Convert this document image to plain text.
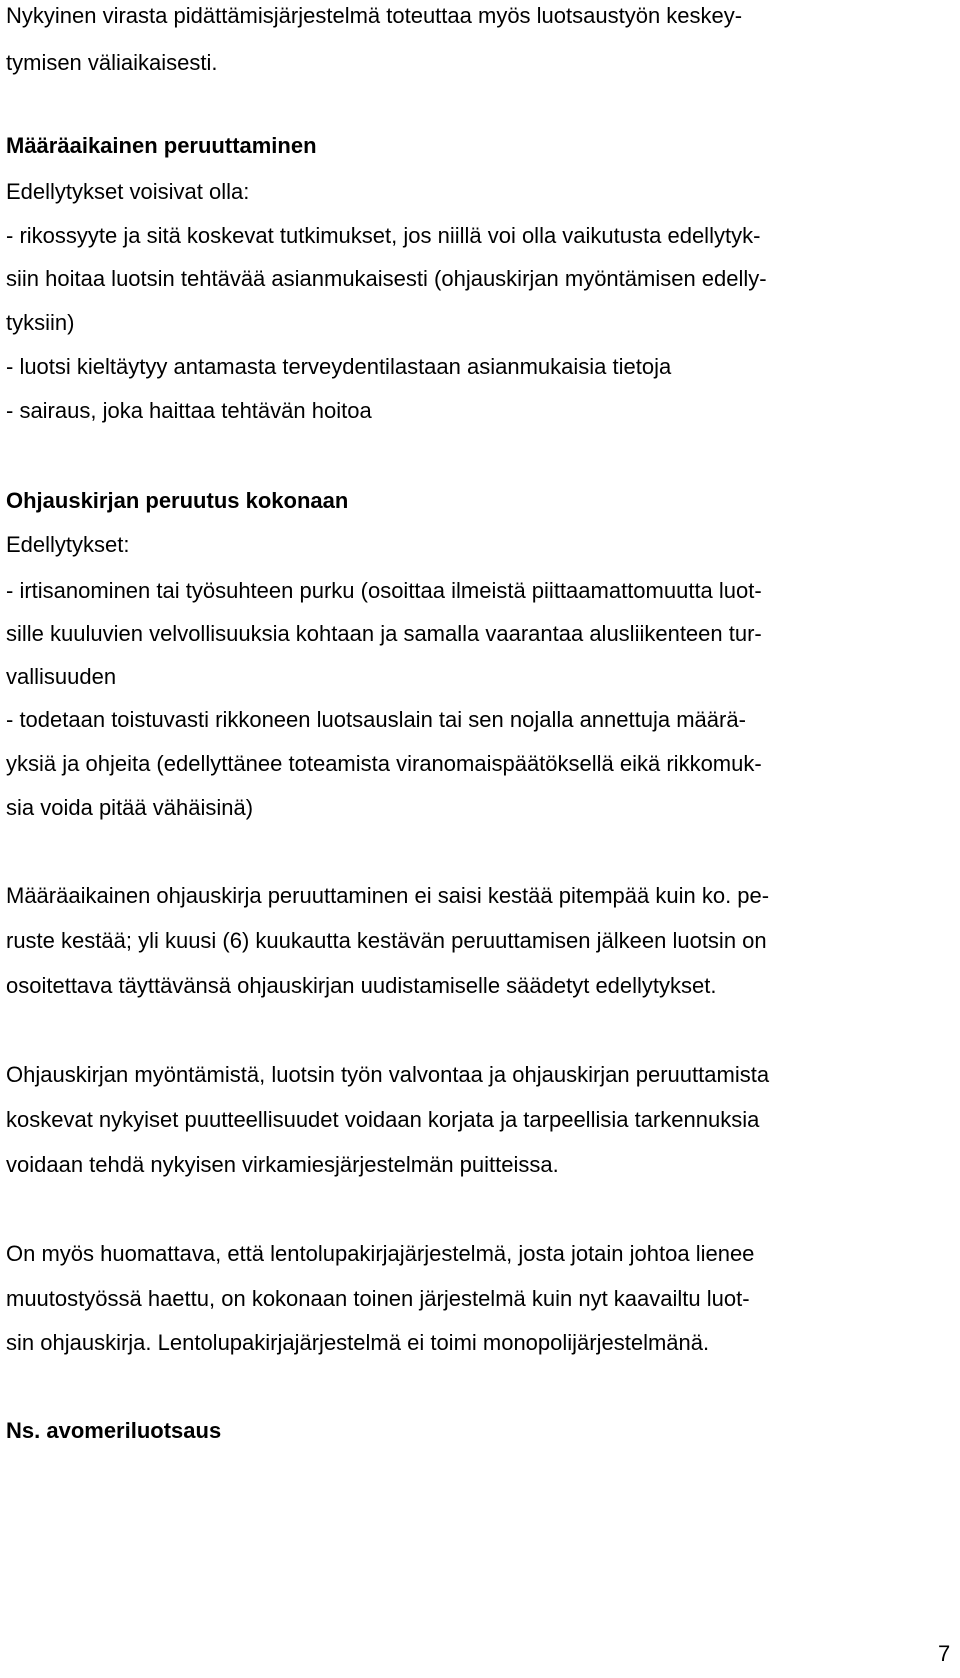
Nykyinen virasta pidättämisjärjestelmä toteuttaa myös luotsaustyön keskey-
tymisen väliaikaisesti.
Määräaikainen peruuttaminen
Edellytykset voisivat olla:
- rikossyyte ja sitä koskevat tutkimukset, jos niillä voi olla vaikutusta edellytyk-
siin hoitaa luotsin tehtävää asianmukaisesti (ohjauskirjan myöntämisen edelly-
tyksiin)
- luotsi kieltäytyy antamasta terveydentilastaan asianmukaisia tietoja
- sairaus, joka haittaa tehtävän hoitoa
Ohjauskirjan peruutus kokonaan
Edellytykset:
- irtisanominen tai työsuhteen purku (osoittaa ilmeistä piittaamattomuutta luot-
sille kuuluvien velvollisuuksia kohtaan ja samalla vaarantaa alusliikenteen tur-
vallisuuden
- todetaan toistuvasti rikkoneen luotsauslain tai sen nojalla annettuja määrä-
yksiä ja ohjeita (edellyttänee toteamista viranomaispäätöksellä eikä rikkomuk-
sia voida pitää vähäisinä)
Määräaikainen ohjauskirja peruuttaminen ei saisi kestää pitempää kuin ko. pe-
ruste kestää; yli kuusi (6) kuukautta kestävän peruuttamisen jälkeen luotsin on
osoitettava täyttävänsä ohjauskirjan uudistamiselle säädetyt edellytykset.
Ohjauskirjan myöntämistä, luotsin työn valvontaa ja ohjauskirjan peruuttamista
koskevat nykyiset puutteellisuudet voidaan korjata ja tarpeellisia tarkennuksia
voidaan tehdä nykyisen virkamiesjärjestelmän puitteissa.
On myös huomattava, että lentolupakirjajärjestelmä, josta jotain johtoa lienee
muutostyössä haettu, on kokonaan toinen järjestelmä kuin nyt kaavailtu luot-
sin ohjauskirja. Lentolupakirjajärjestelmä ei toimi monopolijärjestelmänä.
Ns. avomeriluotsaus
7
